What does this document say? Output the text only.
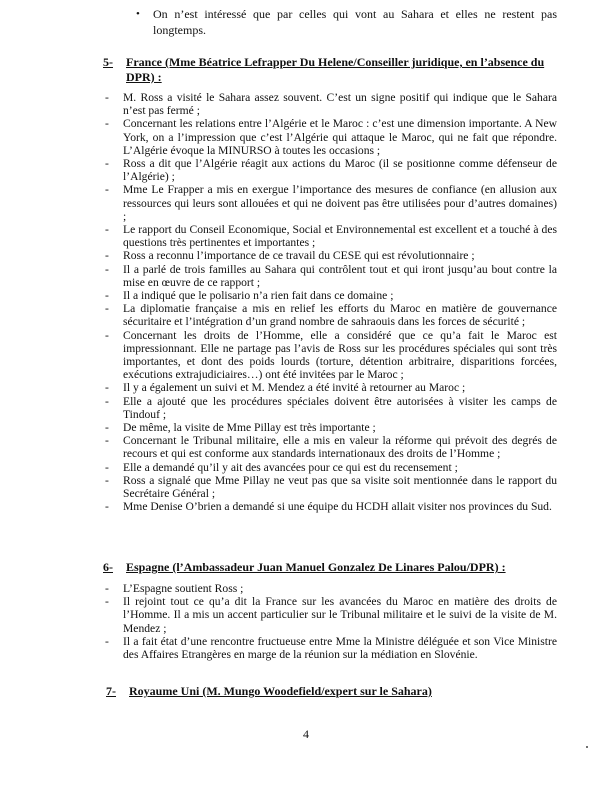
• On n’est intéressé que par celles qui vont au Sahara et elles ne restent pas longtemps.
5- France (Mme Béatrice Lefrapper Du Helene/Conseiller juridique, en l’absence du DPR) :
- M. Ross a visité le Sahara assez souvent. C’est un signe positif qui indique que le Sahara n’est pas fermé ;
- Concernant les relations entre l’Algérie et le Maroc : c’est une dimension importante. A New York, on a l’impression que c’est l’Algérie qui attaque le Maroc, qui ne fait que répondre. L’Algérie évoque la MINURSO à toutes les occasions ;
- Ross a dit que l’Algérie réagit aux actions du Maroc (il se positionne comme défenseur de l’Algérie) ;
- Mme Le Frapper a mis en exergue l’importance des mesures de confiance (en allusion aux ressources qui leurs sont allouées et qui ne doivent pas être utilisées pour d’autres domaines) ;
- Le rapport du Conseil Economique, Social et Environnemental est excellent et a touché à des questions très pertinentes et importantes ;
- Ross a reconnu l’importance de ce travail du CESE qui est révolutionnaire ;
- Il a parlé de trois familles au Sahara qui contrôlent tout et qui iront jusqu’au bout contre la mise en œuvre de ce rapport ;
- Il a indiqué que le polisario n’a rien fait dans ce domaine ;
- La diplomatie française a mis en relief les efforts du Maroc en matière de gouvernance sécuritaire et l’intégration d’un grand nombre de sahraouis dans les forces de sécurité ;
- Concernant les droits de l’Homme, elle a considéré que ce qu’a fait le Maroc est impressionnant. Elle ne partage pas l’avis de Ross sur les procédures spéciales qui sont très importantes, et dont des poids lourds (torture, détention arbitraire, disparitions forcées, exécutions extrajudiciaires…) ont été invitées par le Maroc ;
- Il y a également un suivi et M. Mendez a été invité à retourner au Maroc ;
- Elle a ajouté que les procédures spéciales doivent être autorisées à visiter les camps de Tindouf ;
- De même, la visite de Mme Pillay est très importante ;
- Concernant le Tribunal militaire, elle a mis en valeur la réforme qui prévoit des degrés de recours et qui est conforme aux standards internationaux des droits de l’Homme ;
- Elle a demandé qu’il y ait des avancées pour ce qui est du recensement ;
- Ross a signalé que Mme Pillay ne veut pas que sa visite soit mentionnée dans le rapport du Secrétaire Général ;
- Mme Denise O’brien a demandé si une équipe du HCDH allait visiter nos provinces du Sud.
6- Espagne (l’Ambassadeur Juan Manuel Gonzalez De Linares Palou/DPR) :
- L’Espagne soutient Ross ;
- Il rejoint tout ce qu’a dit la France sur les avancées du Maroc en matière des droits de l’Homme. Il a mis un accent particulier sur le Tribunal militaire et le suivi de la visite de M. Mendez ;
- Il a fait état d’une rencontre fructueuse entre Mme la Ministre déléguée et son Vice Ministre des Affaires Etrangères en marge de la réunion sur la médiation en Slovénie.
7- Royaume Uni (M. Mungo Woodefield/expert sur le Sahara)
4
